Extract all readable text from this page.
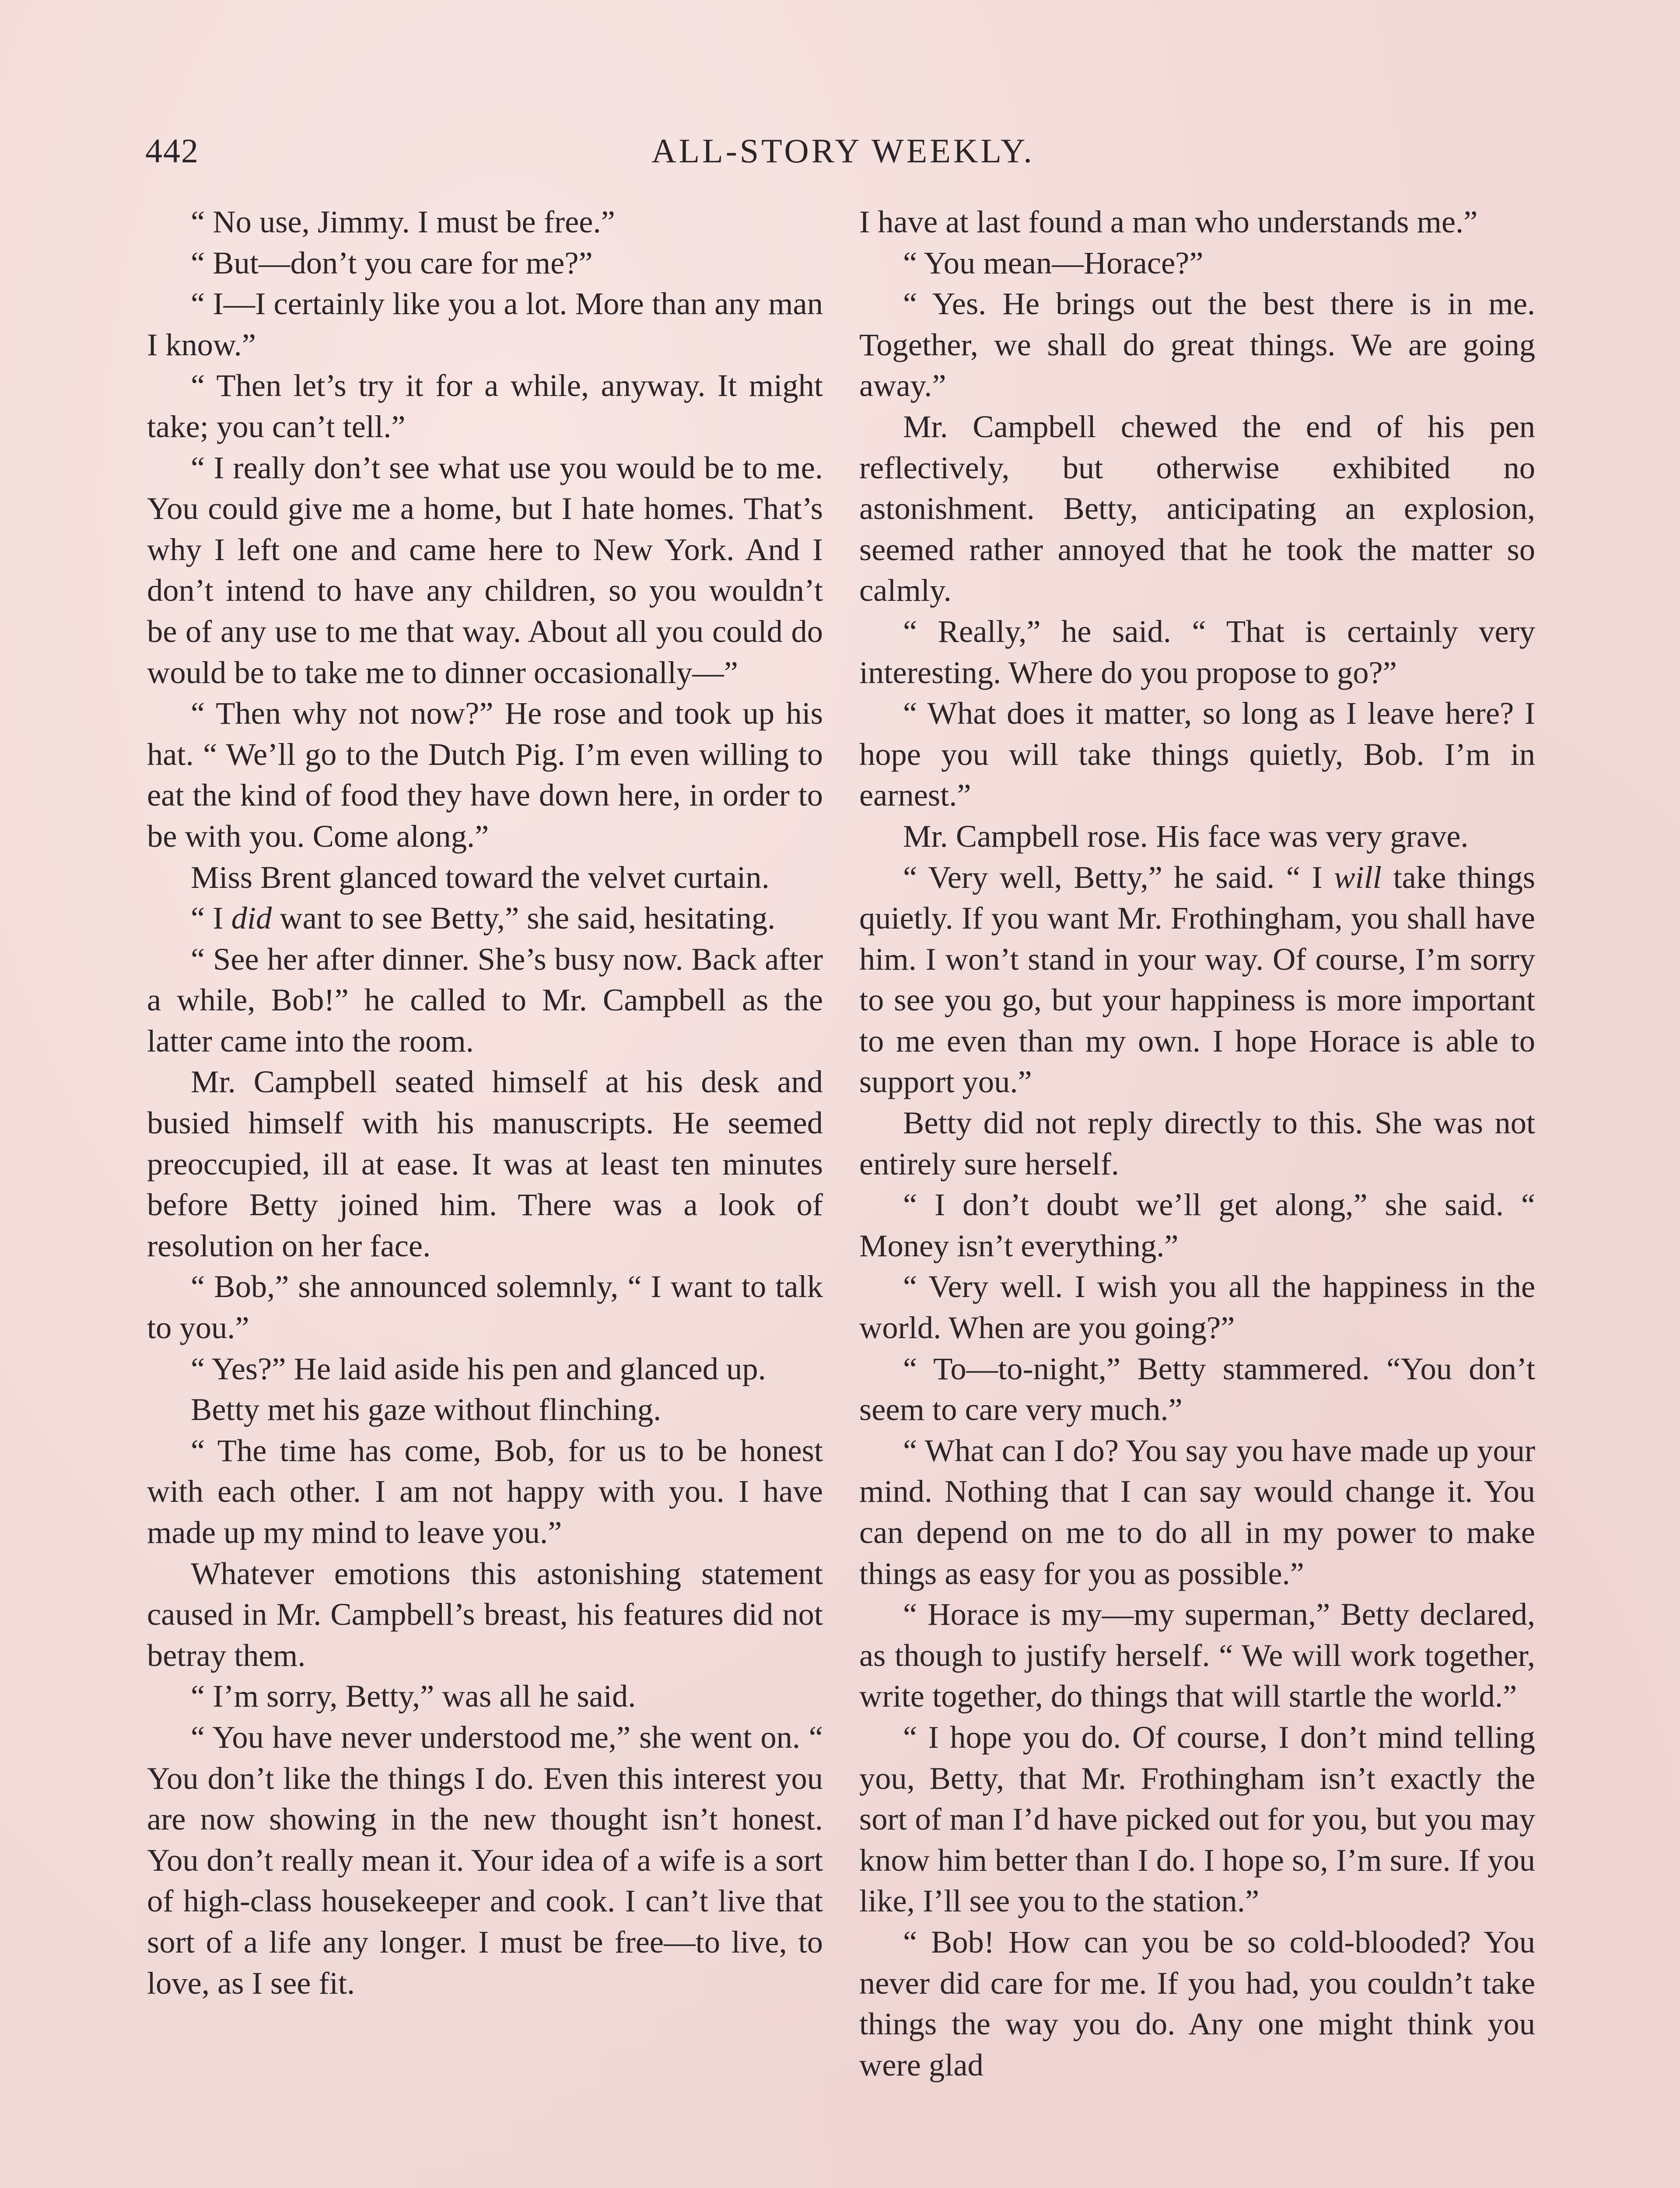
442	ALL-STORY WEEKLY.

“ No use, Jimmy. I must be free.”

“ But—don’t you care for me?”

“ I—I certainly like you a lot. More than any man I know.”

“ Then let’s try it for a while, anyway. It might take; you can’t tell.”

“ I really don’t see what use you would be to me. You could give me a home, but I hate homes. That’s why I left one and came here to New York. And I don’t intend to have any children, so you wouldn’t be of any use to me that way. About all you could do would be to take me to dinner occasionally—”

“ Then why not now?” He rose and took up his hat. “ We’ll go to the Dutch Pig. I’m even willing to eat the kind of food they have down here, in order to be with you. Come along.”

Miss Brent glanced toward the velvet curtain.

“ I did want to see Betty,” she said, hesitating.

“ See her after dinner. She’s busy now. Back after a while, Bob!” he called to Mr. Campbell as the latter came into the room.

Mr. Campbell seated himself at his desk and busied himself with his manuscripts. He seemed preoccupied, ill at ease. It was at least ten minutes before Betty joined him. There was a look of resolution on her face.

“ Bob,” she announced solemnly, “ I want to talk to you.”

“ Yes?” He laid aside his pen and glanced up.

Betty met his gaze without flinching.

“ The time has come, Bob, for us to be honest with each other. I am not happy with you. I have made up my mind to leave you.”

Whatever emotions this astonishing statement caused in Mr. Campbell’s breast, his features did not betray them.

“ I’m sorry, Betty,” was all he said.

“ You have never understood me,” she went on. “ You don’t like the things I do. Even this interest you are now showing in the new thought isn’t honest. You don’t really mean it. Your idea of a wife is a sort of high-class housekeeper and cook. I can’t live that sort of a life any longer. I must be free—to live, to love, as I see fit.

I have at last found a man who understands me.”

“ You mean—Horace?”

“ Yes. He brings out the best there is in me. Together, we shall do great things. We are going away.”

Mr. Campbell chewed the end of his pen reflectively, but otherwise exhibited no astonishment. Betty, anticipating an explosion, seemed rather annoyed that he took the matter so calmly.

“ Really,” he said. “ That is certainly very interesting. Where do you propose to go?”

“ What does it matter, so long as I leave here? I hope you will take things quietly, Bob. I’m in earnest.”

Mr. Campbell rose. His face was very grave.

“ Very well, Betty,” he said. “ I will take things quietly. If you want Mr. Frothingham, you shall have him. I won’t stand in your way. Of course, I’m sorry to see you go, but your happiness is more important to me even than my own. I hope Horace is able to support you.”

Betty did not reply directly to this. She was not entirely sure herself.

“ I don’t doubt we’ll get along,” she said. “ Money isn’t everything.”

“ Very well. I wish you all the happiness in the world. When are you going?”

“ To—to-night,” Betty stammered. “You don’t seem to care very much.”

“ What can I do? You say you have made up your mind. Nothing that I can say would change it. You can depend on me to do all in my power to make things as easy for you as possible.”

“ Horace is my—my superman,” Betty declared, as though to justify herself. “ We will work together, write together, do things that will startle the world.”

“ I hope you do. Of course, I don’t mind telling you, Betty, that Mr. Frothingham isn’t exactly the sort of man I’d have picked out for you, but you may know him better than I do. I hope so, I’m sure. If you like, I’ll see you to the station.”

“ Bob! How can you be so cold-blooded? You never did care for me. If you had, you couldn’t take things the way you do. Any one might think you were glad
